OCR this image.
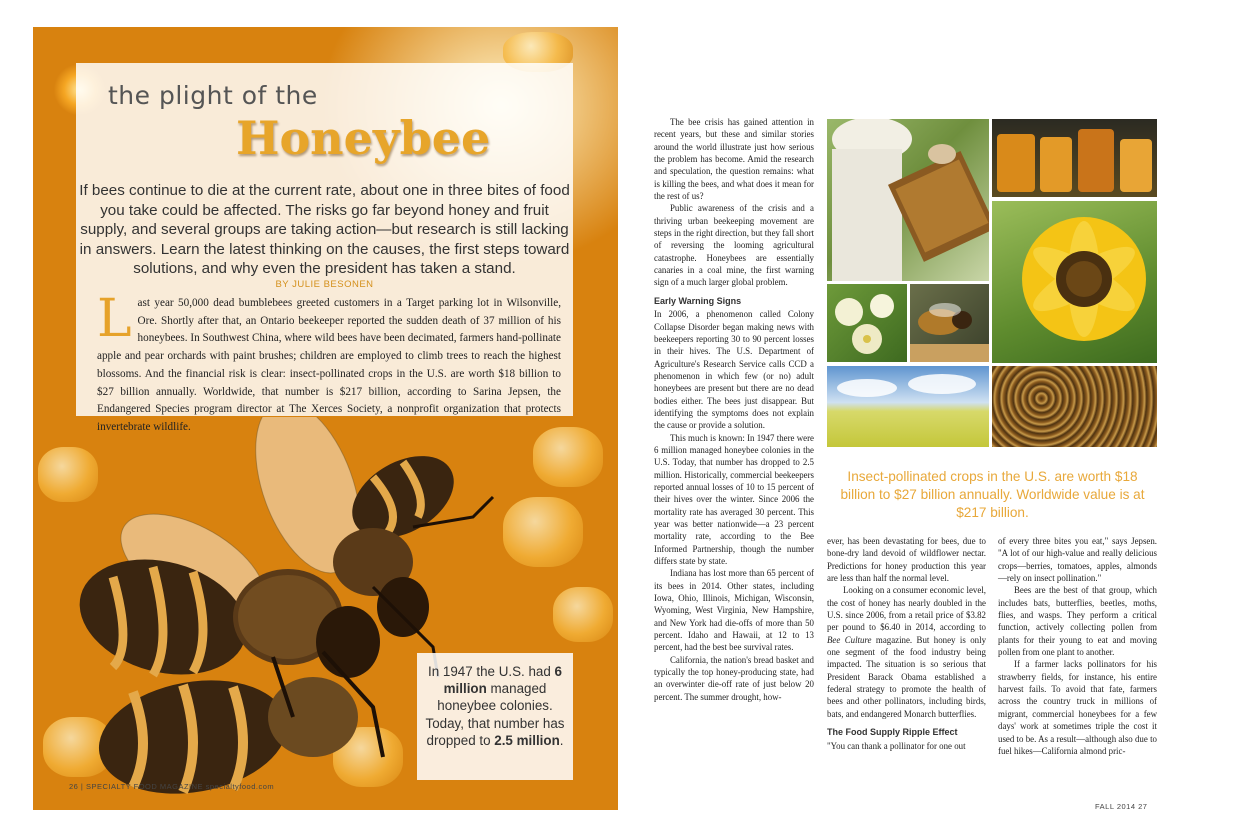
the plight of the
Honeybee
If bees continue to die at the current rate, about one in three bites of food you take could be affected. The risks go far beyond honey and fruit supply, and several groups are taking action—but research is still lacking in answers. Learn the latest thinking on the causes, the first steps toward solutions, and why even the president has taken a stand.
BY JULIE BESONEN
Last year 50,000 dead bumblebees greeted customers in a Target parking lot in Wilsonville, Ore. Shortly after that, an Ontario beekeeper reported the sudden death of 37 million of his honeybees. In Southwest China, where wild bees have been decimated, farmers hand-pollinate apple and pear orchards with paint brushes; children are employed to climb trees to reach the highest blossoms. And the financial risk is clear: insect-pollinated crops in the U.S. are worth $18 billion to $27 billion annually. Worldwide, that number is $217 billion, according to Sarina Jepsen, the Endangered Species program director at The Xerces Society, a nonprofit organization that protects invertebrate wildlife.
In 1947 the U.S. had 6 million managed honeybee colonies. Today, that number has dropped to 2.5 million.
26 | SPECIALTY FOOD MAGAZINE specialtyfood.com

The bee crisis has gained attention in recent years, but these and similar stories around the world illustrate just how serious the problem has become. Amid the research and speculation, the question remains: what is killing the bees, and what does it mean for the rest of us?

Public awareness of the crisis and a thriving urban beekeeping movement are steps in the right direction, but they fall short of reversing the looming agricultural catastrophe. Honeybees are essentially canaries in a coal mine, the first warning sign of a much larger global problem.

Early Warning Signs

In 2006, a phenomenon called Colony Collapse Disorder began making news with beekeepers reporting 30 to 90 percent losses in their hives. The U.S. Department of Agriculture's Research Service calls CCD a phenomenon in which few (or no) adult honeybees are present but there are no dead bodies either. The bees just disappear. But identifying the symptoms does not explain the cause or provide a solution.

This much is known: In 1947 there were 6 million managed honeybee colonies in the U.S. Today, that number has dropped to 2.5 million. Historically, commercial beekeepers reported annual losses of 10 to 15 percent of their hives over the winter. Since 2006 the mortality rate has averaged 30 percent. This year was better nationwide—a 23 percent mortality rate, according to the Bee Informed Partnership, though the number differs state by state.

Indiana has lost more than 65 percent of its bees in 2014. Other states, including Iowa, Ohio, Illinois, Michigan, Wisconsin, Wyoming, West Virginia, New Hampshire, and New York had die-offs of more than 50 percent. Idaho and Hawaii, at 12 to 13 percent, had the best bee survival rates.

California, the nation's bread basket and typically the top honey-producing state, had an overwinter die-off rate of just below 20 percent. The summer drought, how-

Insect-pollinated crops in the U.S. are worth $18 billion to $27 billion annually. Worldwide value is at $217 billion.

ever, has been devastating for bees, due to bone-dry land devoid of wildflower nectar. Predictions for honey production this year are less than half the normal level.

Looking on a consumer economic level, the cost of honey has nearly doubled in the U.S. since 2006, from a retail price of $3.82 per pound to $6.40 in 2014, according to Bee Culture magazine. But honey is only one segment of the food industry being impacted. The situation is so serious that President Barack Obama established a federal strategy to promote the health of bees and other pollinators, including birds, bats, and endangered Monarch butterflies.

The Food Supply Ripple Effect

"You can thank a pollinator for one out

of every three bites you eat," says Jepsen. "A lot of our high-value and really delicious crops—berries, tomatoes, apples, almonds—rely on insect pollination."

Bees are the best of that group, which includes bats, butterflies, beetles, moths, flies, and wasps. They perform a critical function, actively collecting pollen from plants for their young to eat and moving pollen from one plant to another.

If a farmer lacks pollinators for his strawberry fields, for instance, his entire harvest fails. To avoid that fate, farmers across the country truck in millions of migrant, commercial honeybees for a few days' work at sometimes triple the cost it used to be. As a result—although also due to fuel hikes—California almond pric-

FALL 2014 27
